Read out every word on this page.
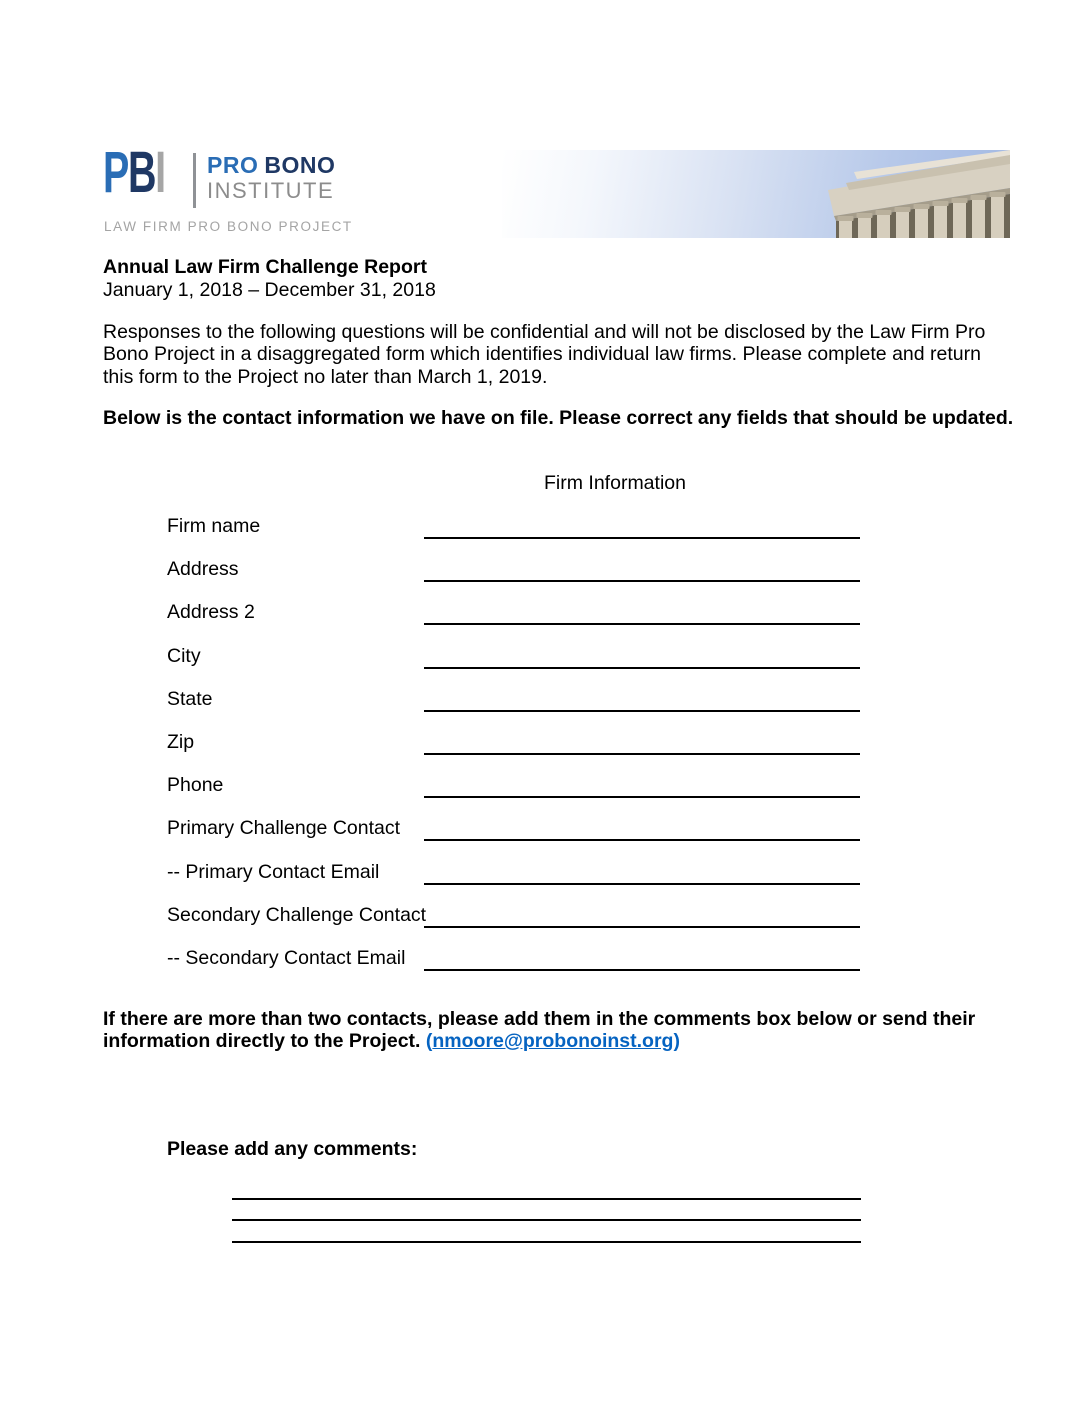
PBI PRO BONO
INSTITUTE
LAW FIRM PRO BONO PROJECT
Annual Law Firm Challenge Report
January 1, 2018 – December 31, 2018
Responses to the following questions will be confidential and will not be disclosed by the Law Firm Pro Bono Project in a disaggregated form which identifies individual law firms. Please complete and return this form to the Project no later than March 1, 2019.
Below is the contact information we have on file. Please correct any fields that should be updated.
Firm Information
Firm name
Address
Address 2
City
State
Zip
Phone
Primary Challenge Contact
-- Primary Contact Email
Secondary Challenge Contact
-- Secondary Contact Email
If there are more than two contacts, please add them in the comments box below or send their
information directly to the Project. (nmoore@probonoinst.org)
Please add any comments:
